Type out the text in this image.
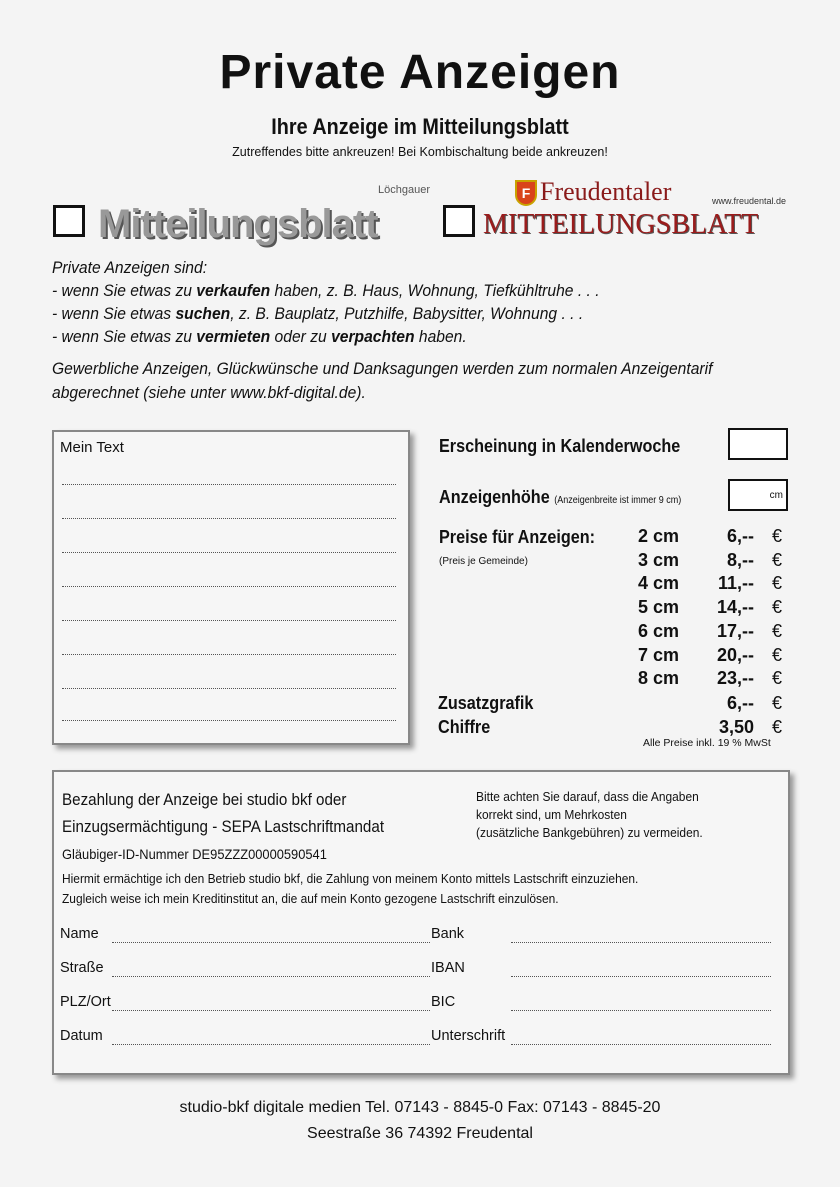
Private Anzeigen
Ihre Anzeige im Mitteilungsblatt
Zutreffendes bitte ankreuzen! Bei Kombischaltung beide ankreuzen!
Löchgauer
Mitteilungsblatt
F Freudentaler	www.freudental.de
MITTEILUNGSBLATT
Private Anzeigen sind:
- wenn Sie etwas zu verkaufen haben, z. B. Haus, Wohnung, Tiefkühltruhe . . .
- wenn Sie etwas suchen, z. B. Bauplatz, Putzhilfe, Babysitter, Wohnung . . .
- wenn Sie etwas zu vermieten oder zu verpachten haben.
Gewerbliche Anzeigen, Glückwünsche und Danksagungen werden zum normalen Anzeigentarif
abgerechnet (siehe unter www.bkf-digital.de).
Mein Text	Erscheinung in Kalenderwoche
Anzeigenhöhe (Anzeigenbreite ist immer 9 cm)	cm
Preise für Anzeigen:
(Preis je Gemeinde)
2 cm	6,-- €
3 cm	8,-- €
4 cm 11,-- €
5 cm 14,-- €
6 cm 17,-- €
7 cm 20,-- €
8 cm 23,-- €
Zusatzgrafik	6,-- €
Chiffre	3,50 €
Alle Preise inkl. 19 % MwSt
Bezahlung der Anzeige bei studio bkf oder
Einzugsermächtigung - SEPA Lastschriftmandat
Gläubiger-ID-Nummer DE95ZZZ00000590541
Bitte achten Sie darauf, dass die Angaben
korrekt sind, um Mehrkosten
(zusätzliche Bankgebühren) zu vermeiden.
Hiermit ermächtige ich den Betrieb studio bkf, die Zahlung von meinem Konto mittels Lastschrift einzuziehen.
Zugleich weise ich mein Kreditinstitut an, die auf mein Konto gezogene Lastschrift einzulösen.
Name
Straße
PLZ/Ort
Datum
Bank
IBAN
BIC
Unterschrift
studio-bkf digitale medien Tel. 07143 - 8845-0 Fax: 07143 - 8845-20
Seestraße 36 74392 Freudental
